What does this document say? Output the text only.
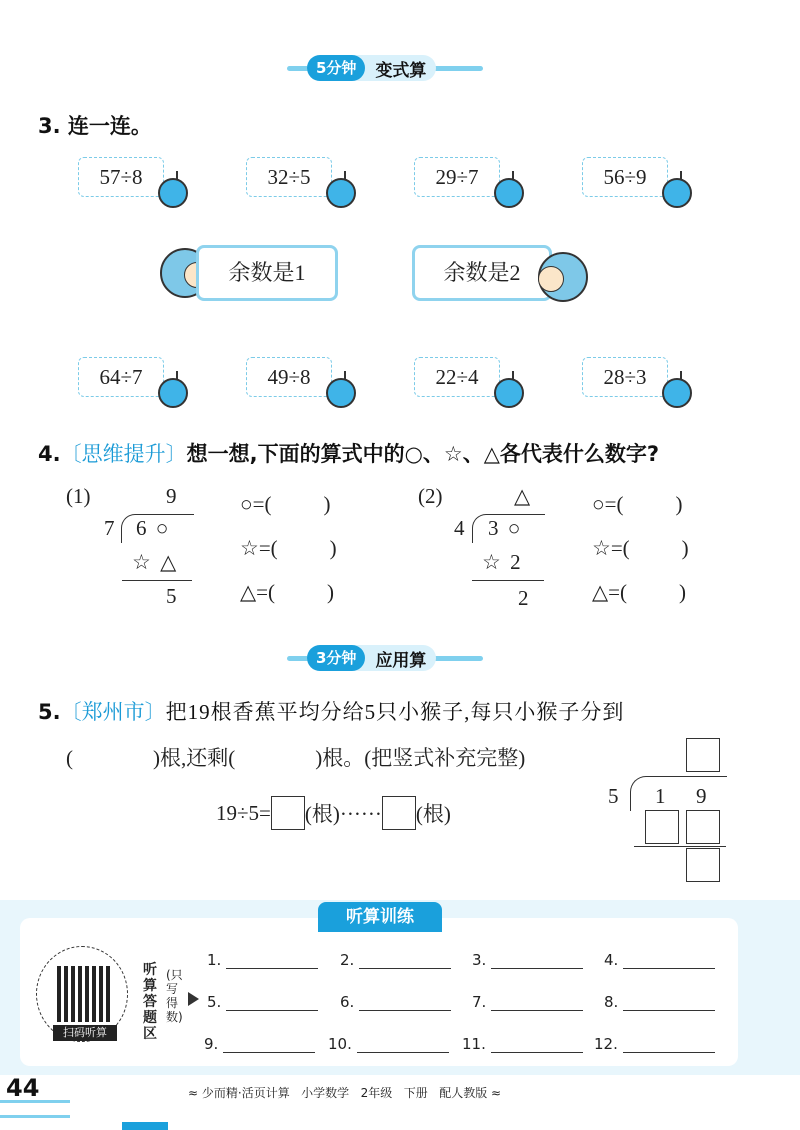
5分钟	变式算
3. 连一连。
57÷8	32÷5	29÷7	56÷9
余数是1	余数是2
64÷7	49÷8	22÷4	28÷3
4.〔思维提升〕想一想,下面的算式中的○、☆、△各代表什么数字?
(1)	9
7 6 ○
☆ △
5
○=( )
☆=( )
△=( )
(2)	△
4 3 ○
☆ 2
2
○=( )
☆=( )
△=( )
3分钟	应用算
5.〔郑州市〕把19根香蕉平均分给5只小猴子,每只小猴子分到
(	)根,还剩(	)根。(把竖式补充完整)
19÷5= (根)······ (根)
5 1 9
听算训练
扫码听算
听算答题区
(只写得数)
1.	2.	3.	4.
5.	6.	7.	8.
9.	10.	11.	12.
44	≈ 少而精·活页计算 小学数学 2年级 下册 配人教版 ≈
